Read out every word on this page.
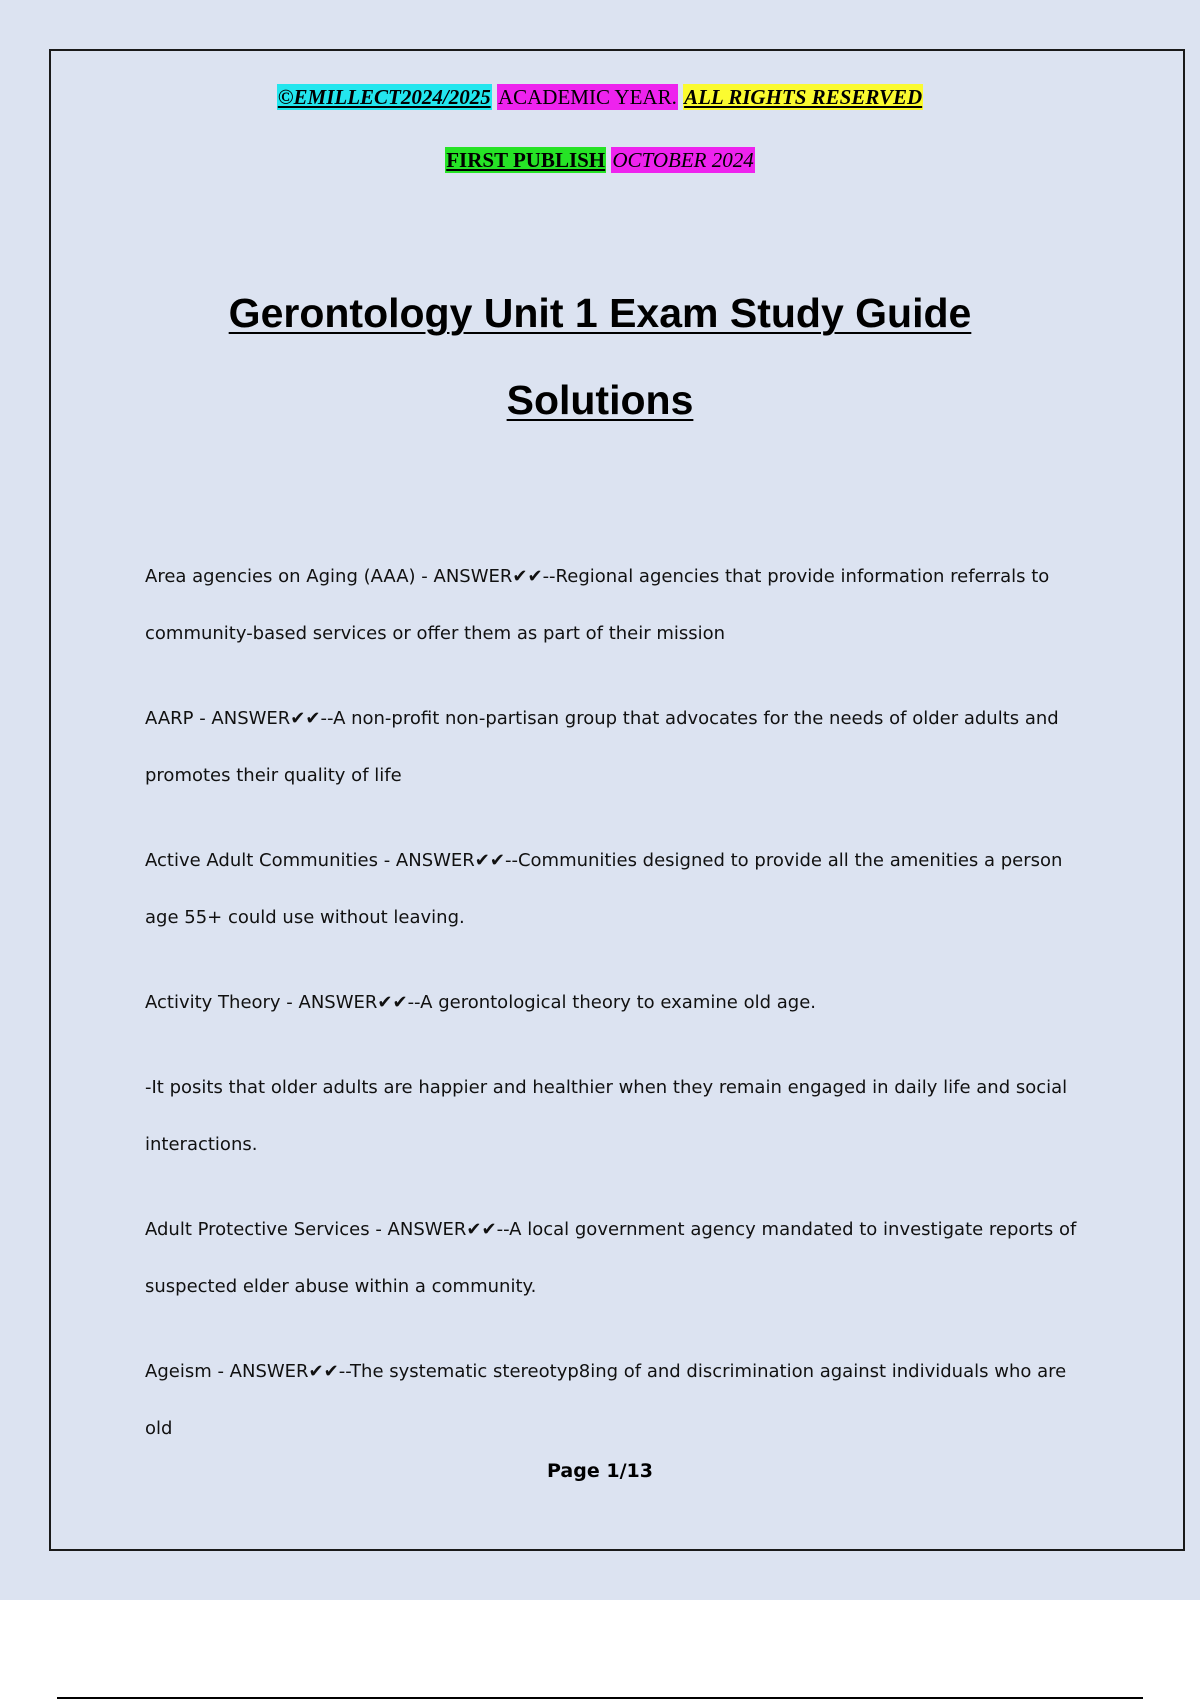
©EMILLECT2024/2025 ACADEMIC YEAR. ALL RIGHTS RESERVED
FIRST PUBLISH OCTOBER 2024
Gerontology Unit 1 Exam Study Guide
Solutions
Area agencies on Aging (AAA) - ANSWER✔✔--Regional agencies that provide information referrals to
community-based services or offer them as part of their mission
AARP - ANSWER✔✔--A non-profit non-partisan group that advocates for the needs of older adults and
promotes their quality of life
Active Adult Communities - ANSWER✔✔--Communities designed to provide all the amenities a person
age 55+ could use without leaving.
Activity Theory - ANSWER✔✔--A gerontological theory to examine old age.
-It posits that older adults are happier and healthier when they remain engaged in daily life and social
interactions.
Adult Protective Services - ANSWER✔✔--A local government agency mandated to investigate reports of
suspected elder abuse within a community.
Ageism - ANSWER✔✔--The systematic stereotyp8ing of and discrimination against individuals who are
old
Page 1/13
